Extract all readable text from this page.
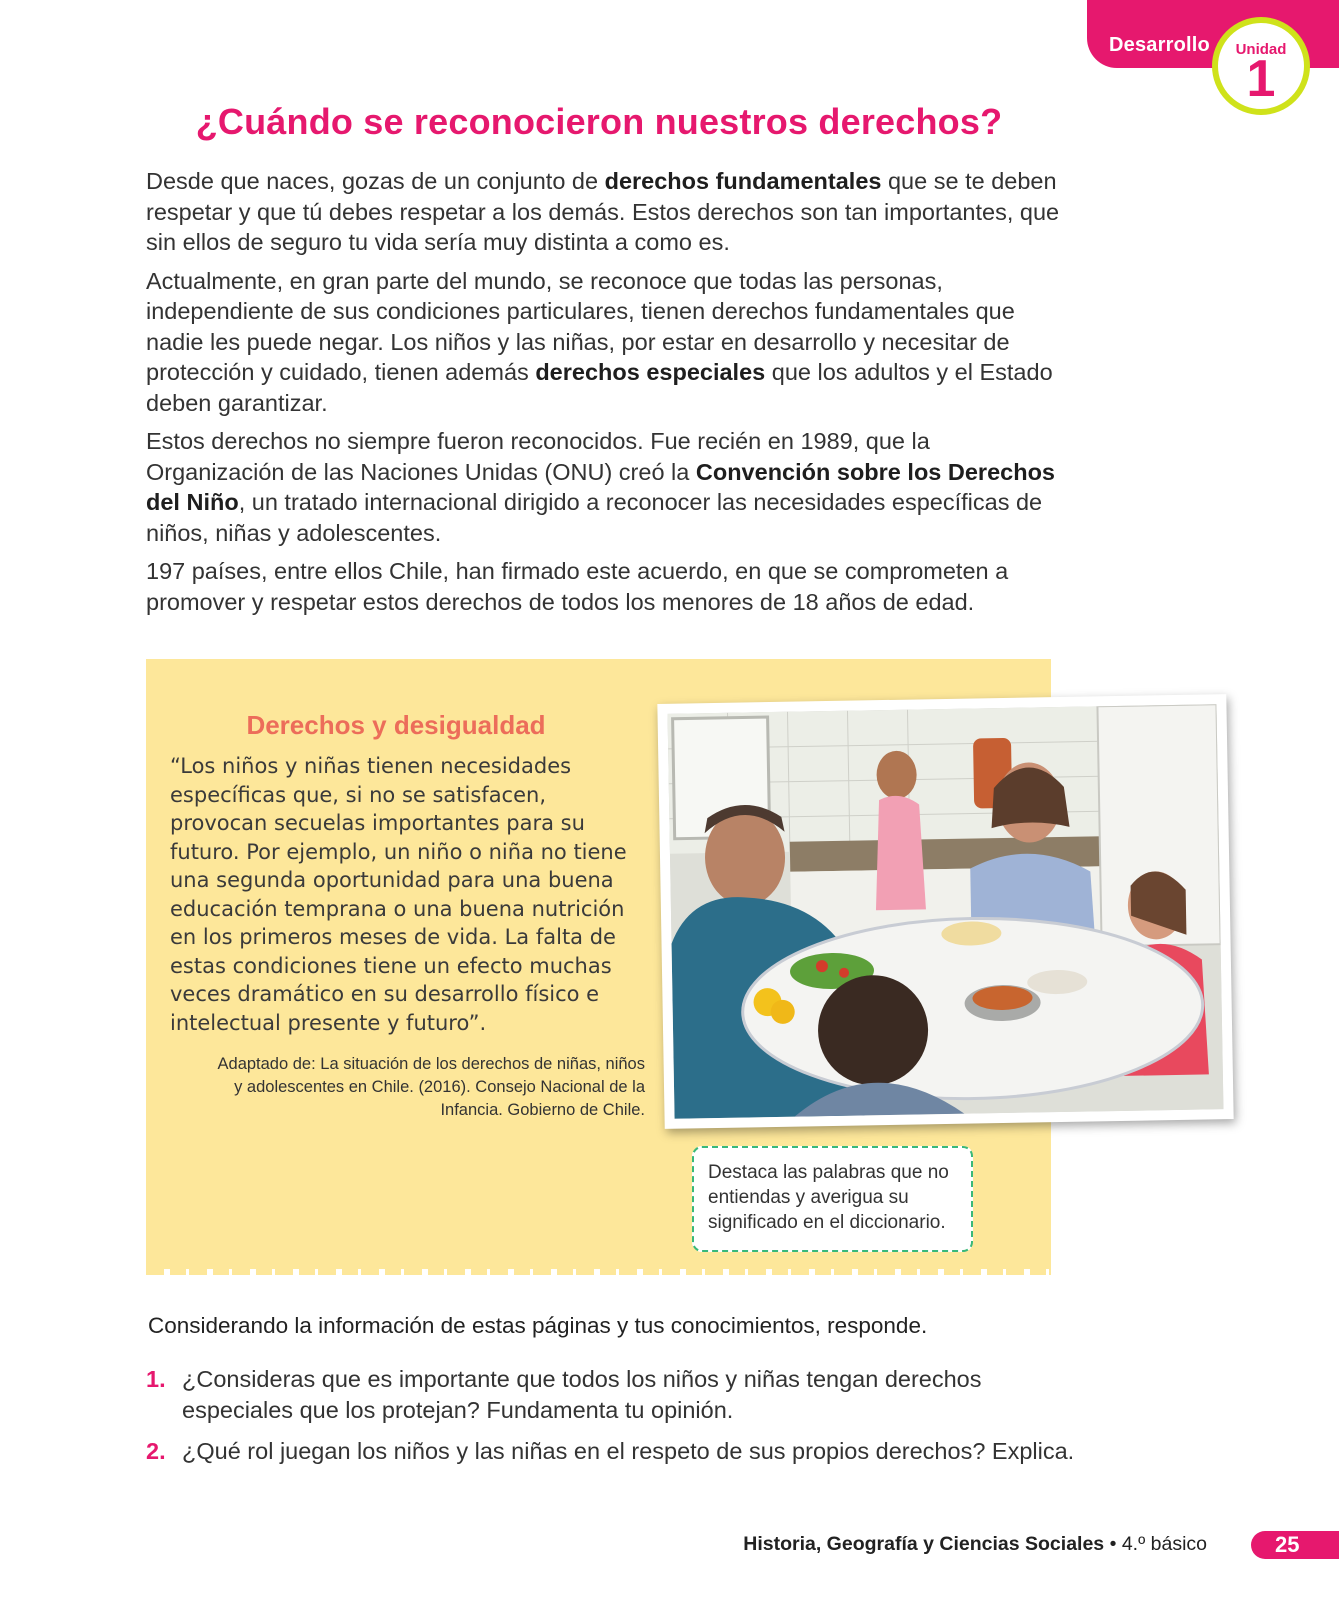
Desarrollo	Unidad
1
¿Cuándo se reconocieron nuestros derechos?

Desde que naces, gozas de un conjunto de derechos fundamentales que se te deben respetar y que tú debes respetar a los demás. Estos derechos son tan importantes, que sin ellos de seguro tu vida sería muy distinta a como es.

Actualmente, en gran parte del mundo, se reconoce que todas las personas, independiente de sus condiciones particulares, tienen derechos fundamentales que nadie les puede negar. Los niños y las niñas, por estar en desarrollo y necesitar de protección y cuidado, tienen además derechos especiales que los adultos y el Estado deben garantizar.

Estos derechos no siempre fueron reconocidos. Fue recién en 1989, que la Organización de las Naciones Unidas (ONU) creó la Convención sobre los Derechos del Niño, un tratado internacional dirigido a reconocer las necesidades específicas de niños, niñas y adolescentes.

197 países, entre ellos Chile, han firmado este acuerdo, en que se comprometen a promover y respetar estos derechos de todos los menores de 18 años de edad.

Derechos y desigualdad
“Los niños y niñas tienen necesidades específicas que, si no se satisfacen, provocan secuelas importantes para su futuro. Por ejemplo, un niño o niña no tiene una segunda oportunidad para una buena educación temprana o una buena nutrición en los primeros meses de vida. La falta de estas condiciones tiene un efecto muchas veces dramático en su desarrollo físico e intelectual presente y futuro”.
Adaptado de: La situación de los derechos de niñas, niños
y adolescentes en Chile. (2016). Consejo Nacional de la
Infancia. Gobierno de Chile.
Destaca las palabras que no entiendas y averigua su significado en el diccionario.
Considerando la información de estas páginas y tus conocimientos, responde.
1. ¿Consideras que es importante que todos los niños y niñas tengan derechos especiales que los protejan? Fundamenta tu opinión.
2. ¿Qué rol juegan los niños y las niñas en el respeto de sus propios derechos? Explica.
Historia, Geografía y Ciencias Sociales • 4.º básico	25
